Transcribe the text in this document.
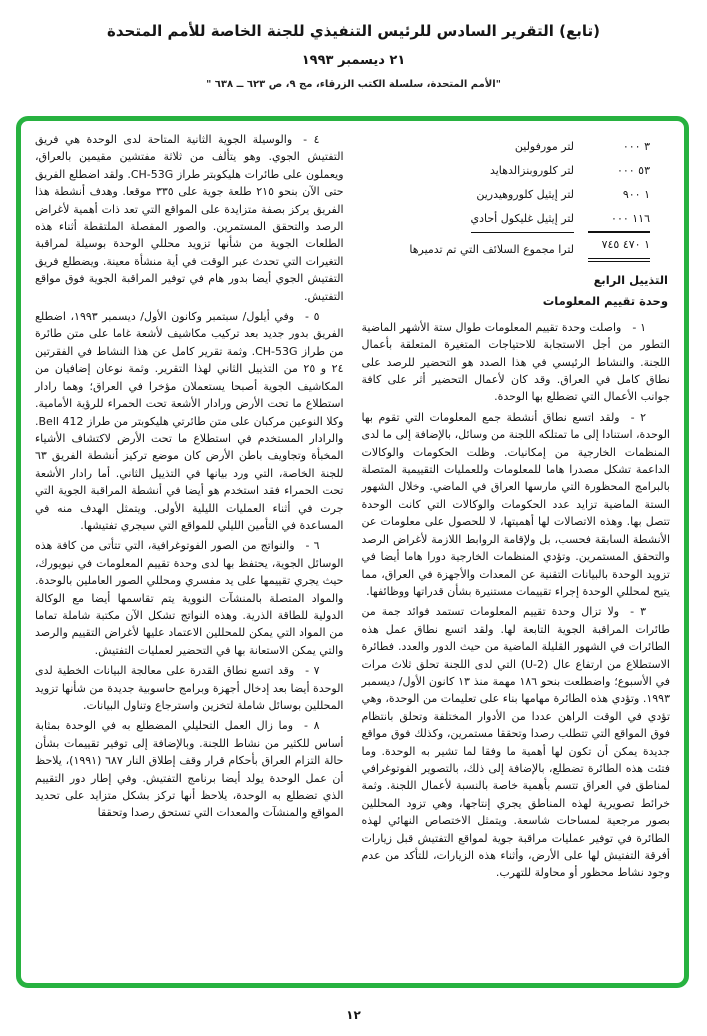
(تابع) التقرير السادس للرئيس التنفيذي للجنة الخاصة للأمم المتحدة
٢١ ديسمبر ١٩٩٣
"الأمم المتحدة، سلسلة الكتب الزرقاء، مج ٩، ص ٦٢٣ ــ ٦٣٨ "
٣ ٠٠٠
لتر مورفولين
٥٣ ٠٠٠
لتر كلوروبنزالدهايد
١ ٩٠٠
لتر إيثيل كلوروهيدرين
١١٦ ٠٠٠
لتر إيثيل غليكول أحادي
١ ٤٧٠ ٧٤٥
لترا مجموع السلائف التي تم تدميرها
التذييل الرابع
وحدة تقييم المعلومات

١ - واصلت وحدة تقييم المعلومات طوال ستة الأشهر الماضية التطور من أجل الاستجابة للاحتياجات المتغيرة المتعلقة بأعمال اللجنة. والنشاط الرئيسي في هذا الصدد هو التحضير للرصد على نطاق كامل في العراق. وقد كان لأعمال التحضير أثر على كافة جوانب الأعمال التي تضطلع بها الوحدة.

٢ - ولقد اتسع نطاق أنشطة جمع المعلومات التي تقوم بها الوحدة، استنادا إلى ما تمتلكه اللجنة من وسائل، بالإضافة إلى ما لدى المنظمات الخارجية من إمكانيات. وظلت الحكومات والوكالات الداعمة تشكل مصدرا هاما للمعلومات وللعمليات التقييمية المتصلة بالبرامج المحظورة التي مارسها العراق في الماضي. وخلال الشهور الستة الماضية تزايد عدد الحكومات والوكالات التي كانت الوحدة تتصل بها. وهذه الاتصالات لها أهميتها، لا للحصول على معلومات عن الأنشطة السابقة فحسب، بل ولإقامة الروابط اللازمة لأغراض الرصد والتحقق المستمرين. وتؤدي المنظمات الخارجية دورا هاما أيضا في تزويد الوحدة بالبيانات التقنية عن المعدات والأجهزة في العراق، مما يتيح لمحللي الوحدة إجراء تقييمات مستنيرة بشأن قدراتها ووظائفها.

٣ - ولا تزال وحدة تقييم المعلومات تستمد فوائد جمة من طائرات المراقبة الجوية التابعة لها. ولقد اتسع نطاق عمل هذه الطائرات في الشهور القليلة الماضية من حيث الدور والعدد. فطائرة الاستطلاع من ارتفاع عال (U-2) التي لدى اللجنة تحلق ثلاث مرات في الأسبوع؛ واضطلعت بنحو ١٨٦ مهمة منذ ١٣ كانون الأول/ ديسمبر ١٩٩٣. وتؤدي هذه الطائرة مهامها بناء على تعليمات من الوحدة، وهي تؤدي في الوقت الراهن عددا من الأدوار المختلفة وتحلق بانتظام فوق المواقع التي تتطلب رصدا وتحققا مستمرين، وكذلك فوق مواقع جديدة يمكن أن تكون لها أهمية ما وفقا لما تشير به الوحدة. وما فتئت هذه الطائرة تضطلع، بالإضافة إلى ذلك، بالتصوير الفوتوغرافي لمناطق في العراق تتسم بأهمية خاصة بالنسبة لأعمال اللجنة. وثمة خرائط تصويرية لهذه المناطق يجري إنتاجها، وهي تزود المحللين بصور مرجعية لمساحات شاسعة. ويتمثل الاختصاص النهائي لهذه الطائرة في توفير عمليات مراقبة جوية لمواقع التفتيش قبل زيارات أفرقة التفتيش لها على الأرض، وأثناء هذه الزيارات، للتأكد من عدم وجود نشاط محظور أو محاولة للتهرب.

٤ - والوسيلة الجوية الثانية المتاحة لدى الوحدة هي فريق التفتيش الجوي. وهو يتألف من ثلاثة مفتشين مقيمين بالعراق، ويعملون على طائرات هليكوبتر طراز CH-53G. ولقد اضطلع الفريق حتى الآن بنحو ٢١٥ طلعة جوية على ٣٣٥ موقعا. وهدف أنشطة هذا الفريق يركز بصفة متزايدة على المواقع التي تعد ذات أهمية لأغراض الرصد والتحقق المستمرين. والصور المفصلة الملتقطة أثناء هذه الطلعات الجوية من شأنها تزويد محللي الوحدة بوسيلة لمراقبة التغيرات التي تحدث عبر الوقت في أية منشأة معينة. ويضطلع فريق التفتيش الجوي أيضا بدور هام في توفير المراقبة الجوية فوق مواقع التفتيش.

٥ - وفي أيلول/ سبتمبر وكانون الأول/ ديسمبر ١٩٩٣، اضطلع الفريق بدور جديد بعد تركيب مكاشيف لأشعة غاما على متن طائرة من طراز CH-53G. وثمة تقرير كامل عن هذا النشاط في الفقرتين ٢٤ و ٢٥ من التذييل الثاني لهذا التقرير. وثمة نوعان إضافيان من المكاشيف الجوية أصبحا يستعملان مؤخرا في العراق؛ وهما رادار استطلاع ما تحت الأرض ورادار الأشعة تحت الحمراء للرؤية الأمامية. وكلا النوعين مركبان على متن طائرتي هليكوبتر من طراز Bell 412. والرادار المستخدم في استطلاع ما تحت الأرض لاكتشاف الأشياء المخبأة وتجاويف باطن الأرض كان موضع تركيز أنشطة الفريق ٦٣ للجنة الخاصة، التي ورد بيانها في التذييل الثاني. أما رادار الأشعة تحت الحمراء فقد استخدم هو أيضا في أنشطة المراقبة الجوية التي جرت في أثناء العمليات الليلية الأولى. ويتمثل الهدف منه في المساعدة في التأمين الليلي للمواقع التي سيجري تفتيشها.

٦ - والنواتج من الصور الفوتوغرافية، التي تتأتى من كافة هذه الوسائل الجوية، يحتفظ بها لدى وحدة تقييم المعلومات في نيويورك، حيث يجري تقييمها على يد مفسري ومحللي الصور العاملين بالوحدة. والمواد المتصلة بالمنشآت النووية يتم تقاسمها أيضا مع الوكالة الدولية للطاقة الذرية. وهذه النواتج تشكل الآن مكتبة شاملة تماما من المواد التي يمكن للمحللين الاعتماد عليها لأغراض التقييم والرصد والتي يمكن الاستعانة بها في التحضير لعمليات التفتيش.

٧ - وقد اتسع نطاق القدرة على معالجة البيانات الخطية لدى الوحدة أيضا بعد إدخال أجهزة وبرامج حاسوبية جديدة من شأنها تزويد المحللين بوسائل شاملة لتخزين واسترجاع وتناول البيانات.

٨ - وما زال العمل التحليلي المضطلع به في الوحدة بمثابة أساس للكثير من نشاط اللجنة. وبالإضافة إلى توفير تقييمات بشأن حالة التزام العراق بأحكام قرار وقف إطلاق النار ٦٨٧ (١٩٩١)، يلاحظ أن عمل الوحدة يولد أيضا برنامج التفتيش. وفي إطار دور التقييم الذي تضطلع به الوحدة، يلاحظ أنها تركز بشكل متزايد على تحديد المواقع والمنشآت والمعدات التي تستحق رصدا وتحققا

١٢
